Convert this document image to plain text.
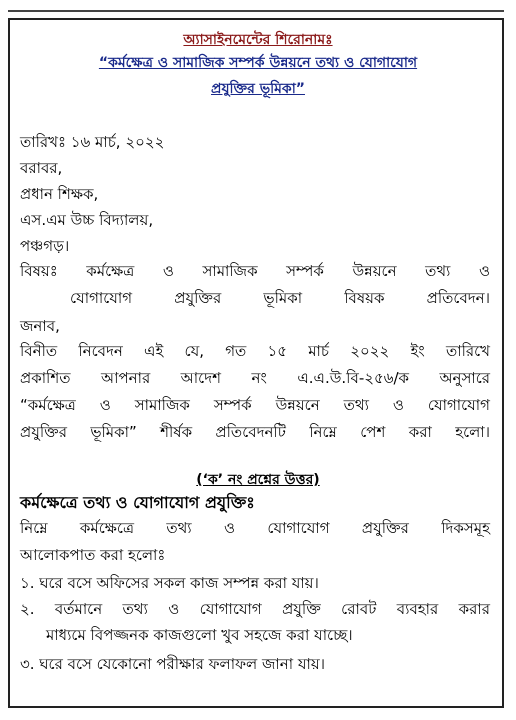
অ্যাসাইনমেন্টের শিরোনামঃ
“কর্মক্ষেত্র ও সামাজিক সম্পর্ক উন্নয়নে তথ্য ও যোগাযোগ
প্রযুক্তির ভূমিকা”
তারিখঃ ১৬ মার্চ, ২০২২
বরাবর,
প্রধান শিক্ষক,
এস.এম উচ্চ বিদ্যালয়,
পঞ্চগড়।
বিষয়ঃ কর্মক্ষেত্র ও সামাজিক সম্পর্ক উন্নয়নে তথ্য ও
যোগাযোগ প্রযুক্তির ভূমিকা বিষয়ক প্রতিবেদন।
জনাব,
বিনীত নিবেদন এই যে, গত ১৫ মার্চ ২০২২ ইং তারিখে
প্রকাশিত আপনার আদেশ নং এ.এ.উ.বি-২৫৬/ক অনুসারে
“কর্মক্ষেত্র ও সামাজিক সম্পর্ক উন্নয়নে তথ্য ও যোগাযোগ
প্রযুক্তির ভূমিকা” শীর্ষক প্রতিবেদনটি নিম্নে পেশ করা হলো।
(‘ক’ নং প্রশ্নের উত্তর)
কর্মক্ষেত্রে তথ্য ও যোগাযোগ প্রযুক্তিঃ
নিম্নে কর্মক্ষেত্রে তথ্য ও যোগাযোগ প্রযুক্তির দিকসমূহ
আলোকপাত করা হলোঃ
১. ঘরে বসে অফিসের সকল কাজ সম্পন্ন করা যায়।
২. বর্তমানে তথ্য ও যোগাযোগ প্রযুক্তি রোবট ব্যবহার করার
মাধ্যমে বিপজ্জনক কাজগুলো খুব সহজে করা যাচ্ছে।
৩. ঘরে বসে যেকোনো পরীক্ষার ফলাফল জানা যায়।
